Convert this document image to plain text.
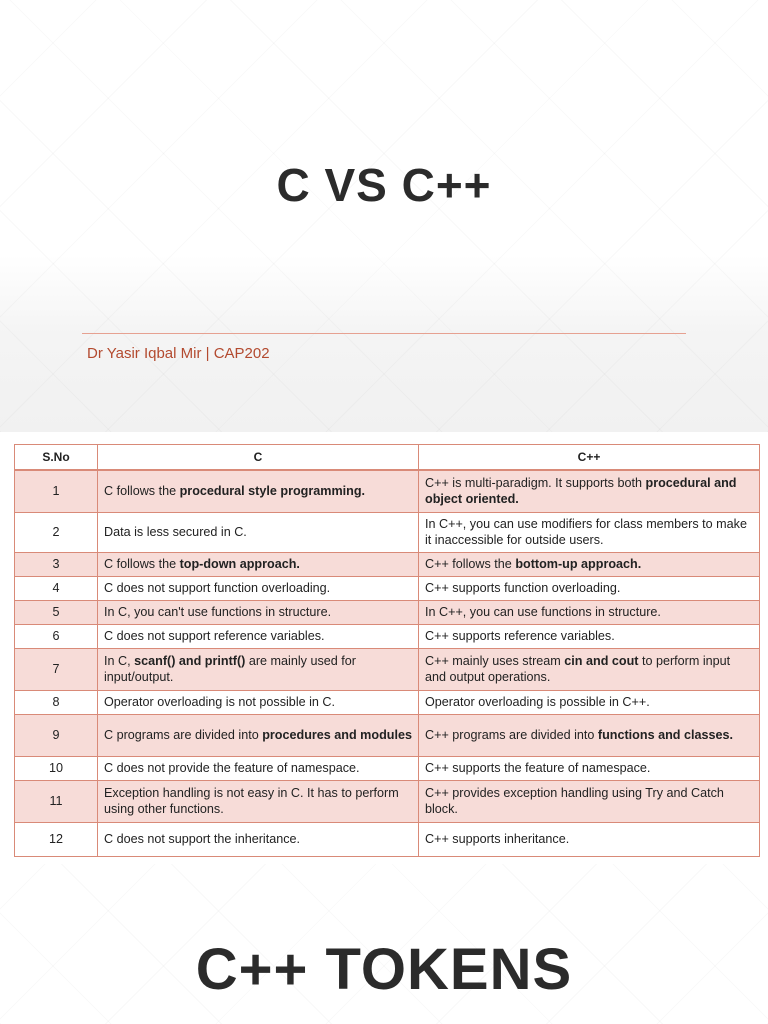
C VS C++
Dr Yasir Iqbal Mir | CAP202
S.No	C	C++
1	C follows the procedural style programming.	C++ is multi-paradigm. It supports both procedural and object oriented.
2	Data is less secured in C.	In C++, you can use modifiers for class members to make it inaccessible for outside users.
3	C follows the top-down approach.	C++ follows the bottom-up approach.
4	C does not support function overloading.	C++ supports function overloading.
5	In C, you can't use functions in structure.	In C++, you can use functions in structure.
6	C does not support reference variables.	C++ supports reference variables.
7	In C, scanf() and printf() are mainly used for input/output.	C++ mainly uses stream cin and cout to perform input and output operations.
8	Operator overloading is not possible in C.	Operator overloading is possible in C++.
9	C programs are divided into procedures and modules	C++ programs are divided into functions and classes.
10	C does not provide the feature of namespace.	C++ supports the feature of namespace.
11	Exception handling is not easy in C. It has to perform using other functions.	C++ provides exception handling using Try and Catch block.
12	C does not support the inheritance.	C++ supports inheritance.
C++ TOKENS
